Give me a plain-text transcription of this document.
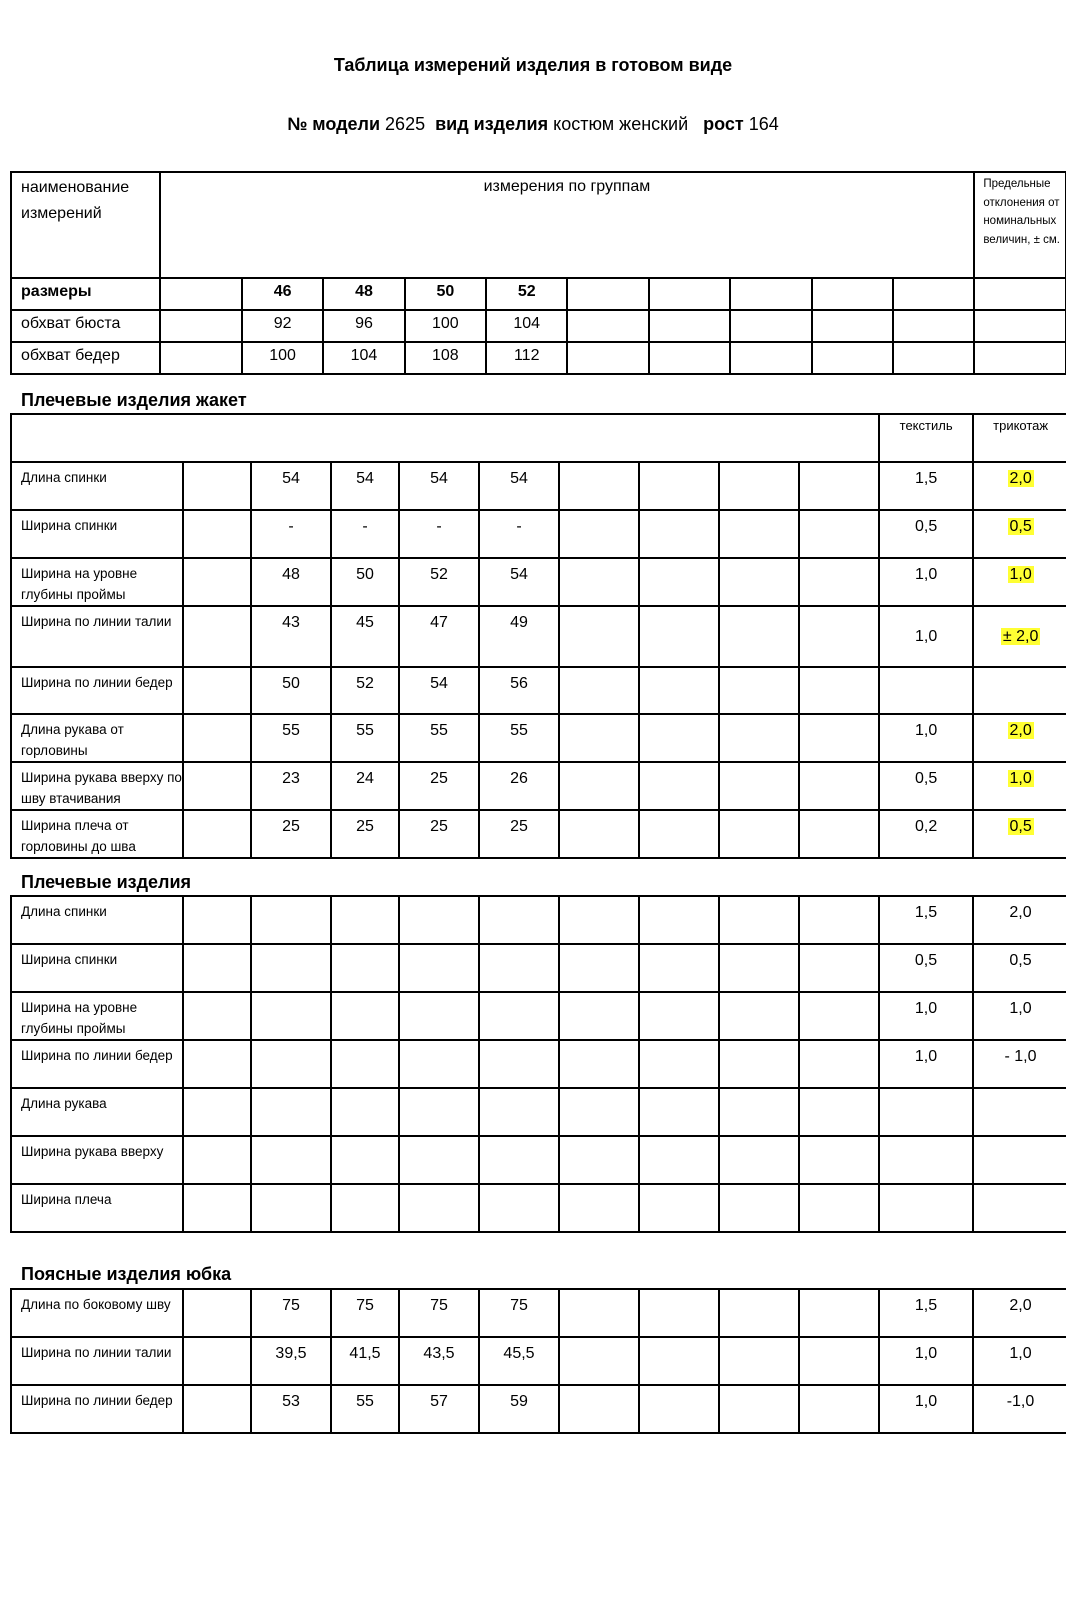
Таблица измерений изделия в готовом виде
№ модели 2625 вид изделия костюм женский рост 164
наименование измерений	измерения по группам										Предельные отклонения от номинальных величин, ± см.
размеры		46	48	50	52						
обхват бюста		92	96	100	104						
обхват бедер		100	104	108	112						
Плечевые изделия жакет
										текстиль	трикотаж
Длина спинки		54	54	54	54					1,5	2,0
Ширина спинки		-	-	-	-					0,5	0,5
Ширина на уровне глубины проймы		48	50	52	54					1,0	1,0
Ширина по линии талии		43	45	47	49					1,0	± 2,0
Ширина по линии бедер		50	52	54	56						
Длина рукава от горловины		55	55	55	55					1,0	2,0
Ширина рукава вверху по шву втачивания		23	24	25	26					0,5	1,0
Ширина плеча от горловины до шва		25	25	25	25					0,2	0,5
Плечевые изделия
Длина спинки										1,5	2,0
Ширина спинки										0,5	0,5
Ширина на уровне глубины проймы										1,0	1,0
Ширина по линии бедер										1,0	- 1,0
Длина рукава											
Ширина рукава вверху											
Ширина плеча											
Поясные изделия юбка
Длина по боковому шву		75	75	75	75					1,5	2,0
Ширина по линии талии		39,5	41,5	43,5	45,5					1,0	1,0
Ширина по линии бедер		53	55	57	59					1,0	-1,0
